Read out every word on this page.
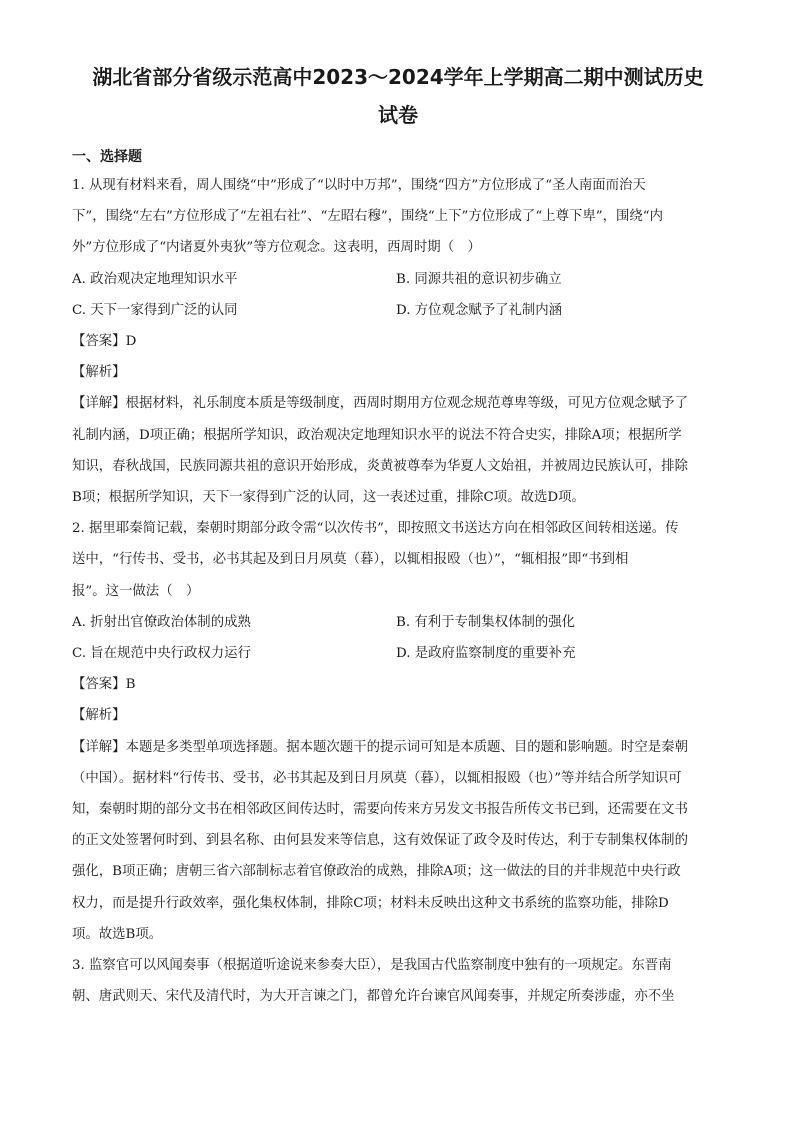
湖北省部分省级示范高中2023～2024学年上学期高二期中测试历史
试卷
一、选择题

1. 从现有材料来看，周人围绕“中”形成了“以时中万邦”，围绕“四方”方位形成了“圣人南面而治天

下”，围绕“左右”方位形成了“左祖右社”、“左昭右穆”，围绕“上下”方位形成了“上尊下卑”，围绕“内

外”方位形成了“内诸夏外夷狄”等方位观念。这表明，西周时期（　）

A. 政治观决定地理知识水平	B. 同源共祖的意识初步确立
C. 天下一家得到广泛的认同	D. 方位观念赋予了礼制内涵
【答案】D
【解析】

【详解】根据材料，礼乐制度本质是等级制度，西周时期用方位观念规范尊卑等级，可见方位观念赋予了

礼制内涵，D项正确；根据所学知识，政治观决定地理知识水平的说法不符合史实，排除A项；根据所学

知识，春秋战国，民族同源共祖的意识开始形成，炎黄被尊奉为华夏人文始祖，并被周边民族认可，排除

B项；根据所学知识，天下一家得到广泛的认同，这一表述过重，排除C项。故选D项。

2. 据里耶秦简记载，秦朝时期部分政令需“以次传书”，即按照文书送达方向在相邻政区间转相送递。传

送中，“行传书、受书，必书其起及到日月夙莫（暮），以辄相报殴（也）”，“辄相报”即“书到相

报”。这一做法（　）

A. 折射出官僚政治体制的成熟	B. 有利于专制集权体制的强化
C. 旨在规范中央行政权力运行	D. 是政府监察制度的重要补充
【答案】B
【解析】

【详解】本题是多类型单项选择题。据本题次题干的提示词可知是本质题、目的题和影响题。时空是秦朝

（中国）。据材料“行传书、受书，必书其起及到日月夙莫（暮），以辄相报殴（也）”等并结合所学知识可

知，秦朝时期的部分文书在相邻政区间传达时，需要向传来方另发文书报告所传文书已到，还需要在文书

的正文处签署何时到、到县名称、由何县发来等信息，这有效保证了政令及时传达，利于专制集权体制的

强化，B项正确；唐朝三省六部制标志着官僚政治的成熟，排除A项；这一做法的目的并非规范中央行政

权力，而是提升行政效率，强化集权体制，排除C项；材料未反映出这种文书系统的监察功能，排除D

项。故选B项。

3. 监察官可以风闻奏事（根据道听途说来参奏大臣），是我国古代监察制度中独有的一项规定。东晋南

朝、唐武则天、宋代及清代时，为大开言谏之门，都曾允许台谏官风闻奏事，并规定所奏涉虚，亦不坐
